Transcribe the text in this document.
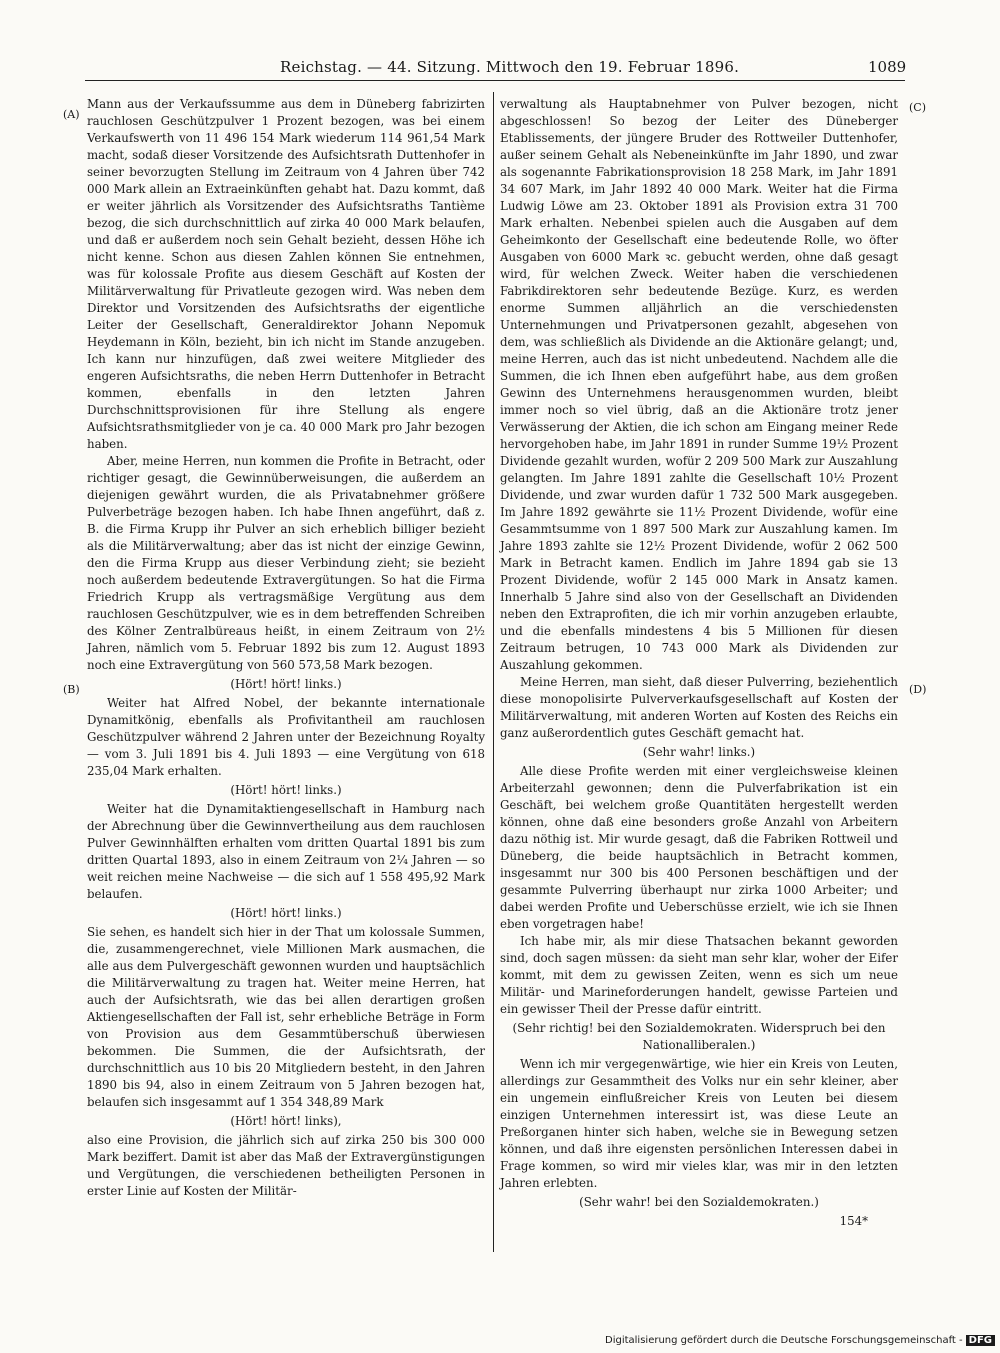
Reichstag. — 44. Sitzung. Mittwoch den 19. Februar 1896.	1089
(A)
(B)
(C)
(D)

Mann aus der Verkaufssumme aus dem in Düneberg fabrizirten rauchlosen Geschützpulver 1 Prozent bezogen, was bei einem Verkaufswerth von 11 496 154 Mark wiederum 114 961,54 Mark macht, sodaß dieser Vorsitzende des Aufsichtsrath Duttenhofer in seiner bevorzugten Stellung im Zeitraum von 4 Jahren über 742 000 Mark allein an Extraeinkünften gehabt hat. Dazu kommt, daß er weiter jährlich als Vorsitzender des Aufsichtsraths Tantième bezog, die sich durchschnittlich auf zirka 40 000 Mark belaufen, und daß er außerdem noch sein Gehalt bezieht, dessen Höhe ich nicht kenne. Schon aus diesen Zahlen können Sie entnehmen, was für kolossale Profite aus diesem Geschäft auf Kosten der Militärverwaltung für Privatleute gezogen wird. Was neben dem Direktor und Vorsitzenden des Aufsichtsraths der eigentliche Leiter der Gesellschaft, Generaldirektor Johann Nepomuk Heydemann in Köln, bezieht, bin ich nicht im Stande anzugeben. Ich kann nur hinzufügen, daß zwei weitere Mitglieder des engeren Aufsichtsraths, die neben Herrn Duttenhofer in Betracht kommen, ebenfalls in den letzten Jahren Durchschnittsprovisionen für ihre Stellung als engere Aufsichtsrathsmitglieder von je ca. 40 000 Mark pro Jahr bezogen haben.

Aber, meine Herren, nun kommen die Profite in Betracht, oder richtiger gesagt, die Gewinnüberweisungen, die außerdem an diejenigen gewährt wurden, die als Privatabnehmer größere Pulverbeträge bezogen haben. Ich habe Ihnen angeführt, daß z. B. die Firma Krupp ihr Pulver an sich erheblich billiger bezieht als die Militärverwaltung; aber das ist nicht der einzige Gewinn, den die Firma Krupp aus dieser Verbindung zieht; sie bezieht noch außerdem bedeutende Extravergütungen. So hat die Firma Friedrich Krupp als vertragsmäßige Vergütung aus dem rauchlosen Geschützpulver, wie es in dem betreffenden Schreiben des Kölner Zentralbüreaus heißt, in einem Zeitraum von 2½ Jahren, nämlich vom 5. Februar 1892 bis zum 12. August 1893 noch eine Extravergütung von 560 573,58 Mark bezogen.

(Hört! hört! links.)

Weiter hat Alfred Nobel, der bekannte internationale Dynamitkönig, ebenfalls als Profivitantheil am rauchlosen Geschützpulver während 2 Jahren unter der Bezeichnung Royalty — vom 3. Juli 1891 bis 4. Juli 1893 — eine Vergütung von 618 235,04 Mark erhalten.

(Hört! hört! links.)

Weiter hat die Dynamitaktiengesellschaft in Hamburg nach der Abrechnung über die Gewinnvertheilung aus dem rauchlosen Pulver Gewinnhälften erhalten vom dritten Quartal 1891 bis zum dritten Quartal 1893, also in einem Zeitraum von 2¼ Jahren — so weit reichen meine Nachweise — die sich auf 1 558 495,92 Mark belaufen.

(Hört! hört! links.)

Sie sehen, es handelt sich hier in der That um kolossale Summen, die, zusammengerechnet, viele Millionen Mark ausmachen, die alle aus dem Pulvergeschäft gewonnen wurden und hauptsächlich die Militärverwaltung zu tragen hat. Weiter meine Herren, hat auch der Aufsichtsrath, wie das bei allen derartigen großen Aktiengesellschaften der Fall ist, sehr erhebliche Beträge in Form von Provision aus dem Gesammtüberschuß überwiesen bekommen. Die Summen, die der Aufsichtsrath, der durchschnittlich aus 10 bis 20 Mitgliedern besteht, in den Jahren 1890 bis 94, also in einem Zeitraum von 5 Jahren bezogen hat, belaufen sich insgesammt auf 1 354 348,89 Mark

(Hört! hört! links),

also eine Provision, die jährlich sich auf zirka 250 bis 300 000 Mark beziffert. Damit ist aber das Maß der Extravergünstigungen und Vergütungen, die verschiedenen betheiligten Personen in erster Linie auf Kosten der Militär-

verwaltung als Hauptabnehmer von Pulver bezogen, nicht abgeschlossen! So bezog der Leiter des Düneberger Etablissements, der jüngere Bruder des Rottweiler Duttenhofer, außer seinem Gehalt als Nebeneinkünfte im Jahr 1890, und zwar als sogenannte Fabrikationsprovision 18 258 Mark, im Jahr 1891 34 607 Mark, im Jahr 1892 40 000 Mark. Weiter hat die Firma Ludwig Löwe am 23. Oktober 1891 als Provision extra 31 700 Mark erhalten. Nebenbei spielen auch die Ausgaben auf dem Geheimkonto der Gesellschaft eine bedeutende Rolle, wo öfter Ausgaben von 6000 Mark ꝛc. gebucht werden, ohne daß gesagt wird, für welchen Zweck. Weiter haben die verschiedenen Fabrikdirektoren sehr bedeutende Bezüge. Kurz, es werden enorme Summen alljährlich an die verschiedensten Unternehmungen und Privatpersonen gezahlt, abgesehen von dem, was schließlich als Dividende an die Aktionäre gelangt; und, meine Herren, auch das ist nicht unbedeutend. Nachdem alle die Summen, die ich Ihnen eben aufgeführt habe, aus dem großen Gewinn des Unternehmens herausgenommen wurden, bleibt immer noch so viel übrig, daß an die Aktionäre trotz jener Verwässerung der Aktien, die ich schon am Eingang meiner Rede hervorgehoben habe, im Jahr 1891 in runder Summe 19½ Prozent Dividende gezahlt wurden, wofür 2 209 500 Mark zur Auszahlung gelangten. Im Jahre 1891 zahlte die Gesellschaft 10½ Prozent Dividende, und zwar wurden dafür 1 732 500 Mark ausgegeben. Im Jahre 1892 gewährte sie 11½ Prozent Dividende, wofür eine Gesammtsumme von 1 897 500 Mark zur Auszahlung kamen. Im Jahre 1893 zahlte sie 12½ Prozent Dividende, wofür 2 062 500 Mark in Betracht kamen. Endlich im Jahre 1894 gab sie 13 Prozent Dividende, wofür 2 145 000 Mark in Ansatz kamen. Innerhalb 5 Jahre sind also von der Gesellschaft an Dividenden neben den Extraprofiten, die ich mir vorhin anzugeben erlaubte, und die ebenfalls mindestens 4 bis 5 Millionen für diesen Zeitraum betrugen, 10 743 000 Mark als Dividenden zur Auszahlung gekommen.

Meine Herren, man sieht, daß dieser Pulverring, beziehentlich diese monopolisirte Pulververkaufsgesellschaft auf Kosten der Militärverwaltung, mit anderen Worten auf Kosten des Reichs ein ganz außerordentlich gutes Geschäft gemacht hat.

(Sehr wahr! links.)

Alle diese Profite werden mit einer vergleichsweise kleinen Arbeiterzahl gewonnen; denn die Pulverfabrikation ist ein Geschäft, bei welchem große Quantitäten hergestellt werden können, ohne daß eine besonders große Anzahl von Arbeitern dazu nöthig ist. Mir wurde gesagt, daß die Fabriken Rottweil und Düneberg, die beide hauptsächlich in Betracht kommen, insgesammt nur 300 bis 400 Personen beschäftigen und der gesammte Pulverring überhaupt nur zirka 1000 Arbeiter; und dabei werden Profite und Ueberschüsse erzielt, wie ich sie Ihnen eben vorgetragen habe!

Ich habe mir, als mir diese Thatsachen bekannt geworden sind, doch sagen müssen: da sieht man sehr klar, woher der Eifer kommt, mit dem zu gewissen Zeiten, wenn es sich um neue Militär- und Marineforderungen handelt, gewisse Parteien und ein gewisser Theil der Presse dafür eintritt.

(Sehr richtig! bei den Sozialdemokraten. Widerspruch bei den Nationalliberalen.)

Wenn ich mir vergegenwärtige, wie hier ein Kreis von Leuten, allerdings zur Gesammtheit des Volks nur ein sehr kleiner, aber ein ungemein einflußreicher Kreis von Leuten bei diesem einzigen Unternehmen interessirt ist, was diese Leute an Preßorganen hinter sich haben, welche sie in Bewegung setzen können, und daß ihre eigensten persönlichen Interessen dabei in Frage kommen, so wird mir vieles klar, was mir in den letzten Jahren erlebten.

(Sehr wahr! bei den Sozialdemokraten.)

154*

Digitalisierung gefördert durch die Deutsche Forschungsgemeinschaft - DFG
